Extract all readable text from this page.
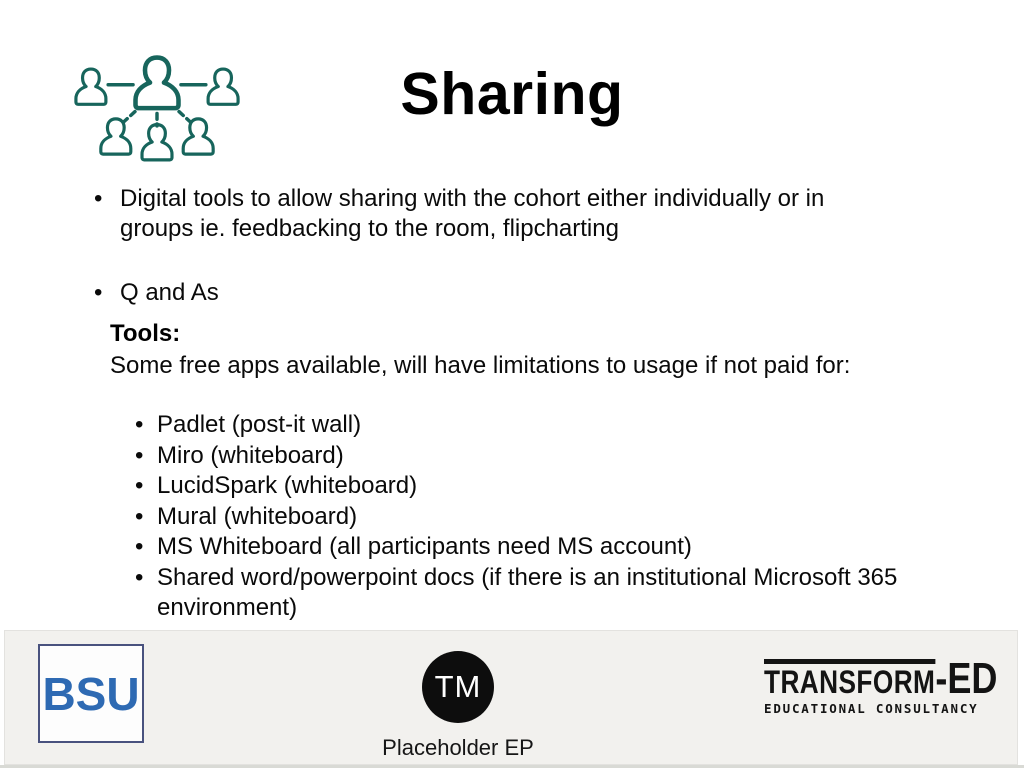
Sharing
• Digital tools to allow sharing with the cohort either individually or in groups ie. feedbacking to the room, flipcharting
• Q and As
Tools:
Some free apps available, will have limitations to usage if not paid for:
• Padlet (post-it wall)
• Miro (whiteboard)
• LucidSpark (whiteboard)
• Mural (whiteboard)
• MS Whiteboard (all participants need MS account)
• Shared word/powerpoint docs (if there is an institutional Microsoft 365 environment)
BSU	TM
Placeholder EP
TRANSFORM -ED
EDUCATIONAL CONSULTANCY
